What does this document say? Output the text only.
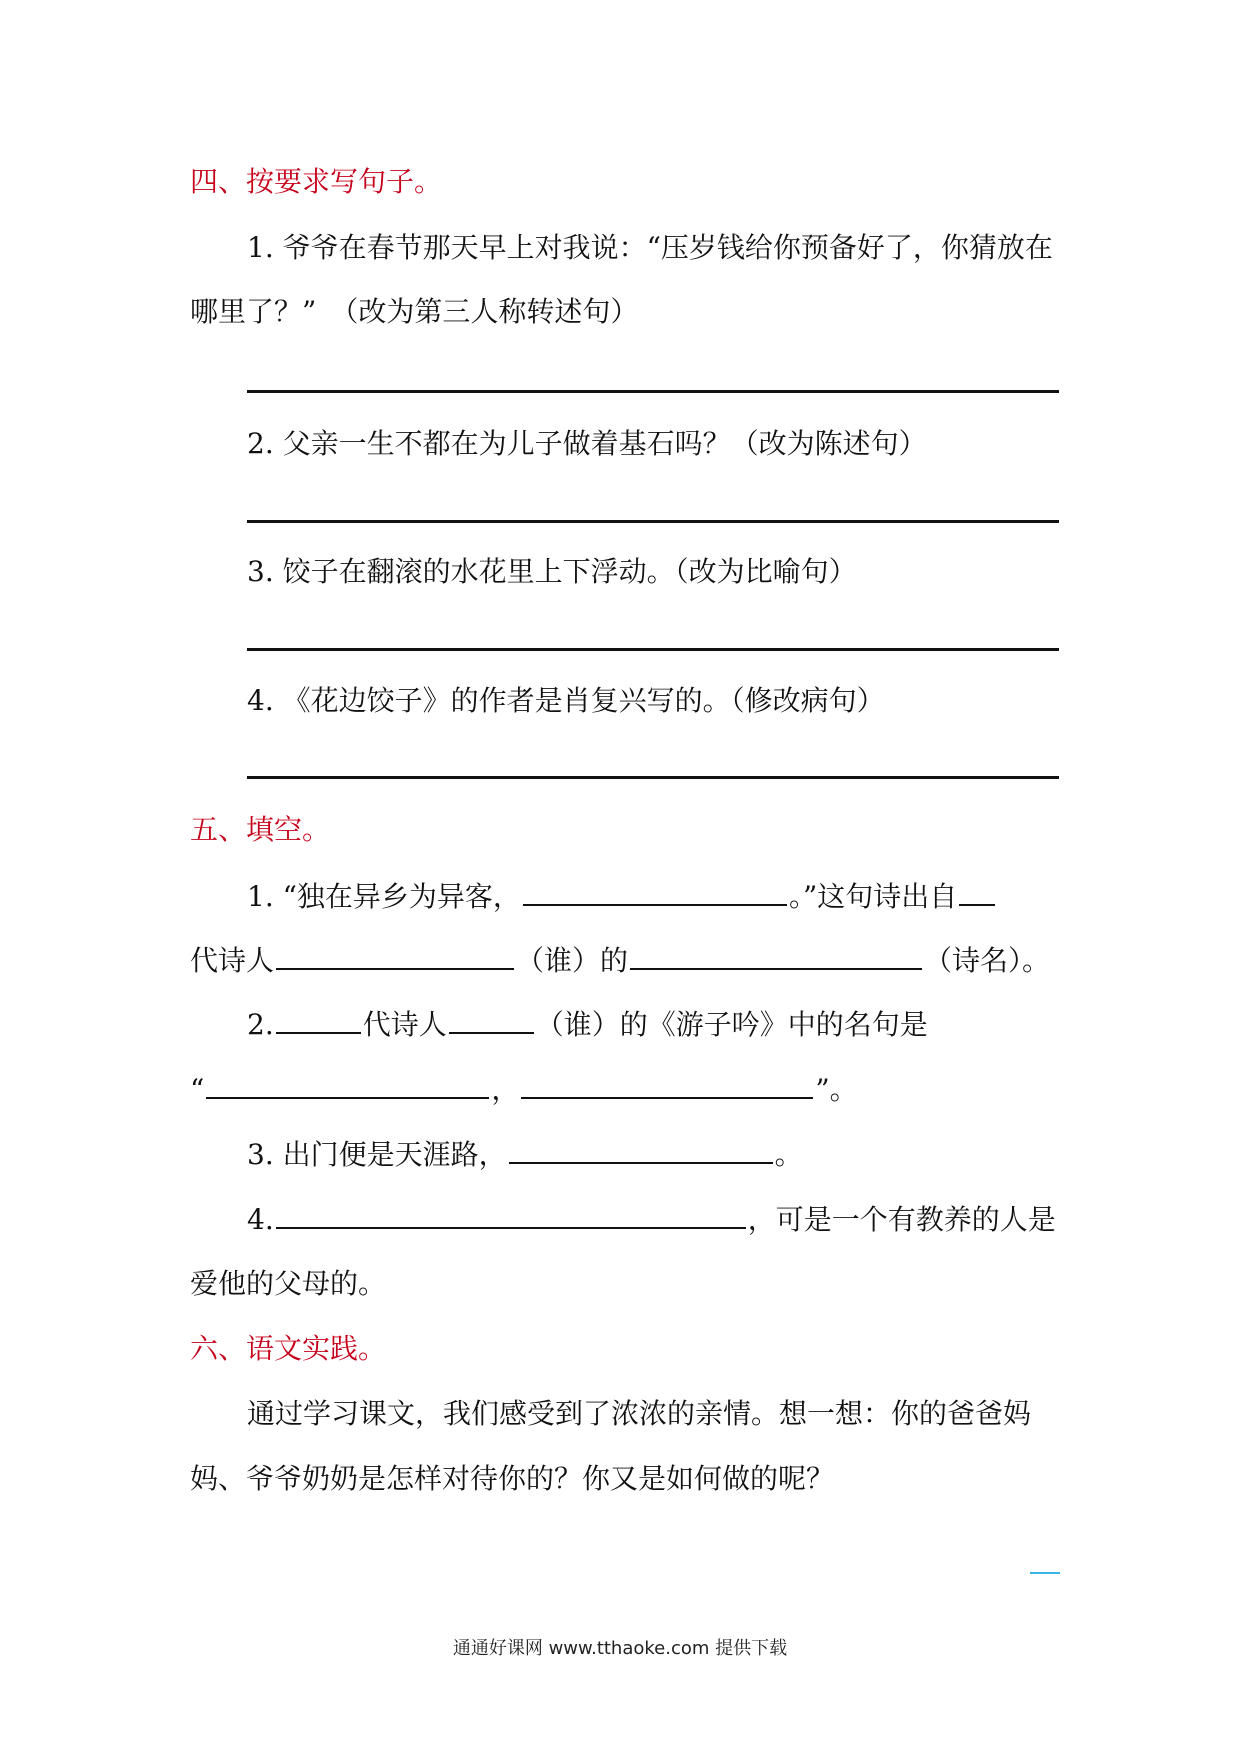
四、按要求写句子。
1. 爷爷在春节那天早上对我说：“压岁钱给你预备好了，你猜放在
哪里了？”　（改为第三人称转述句）
2. 父亲一生不都在为儿子做着基石吗？（改为陈述句）
3. 饺子在翻滚的水花里上下浮动。（改为比喻句）
4. 《花边饺子》的作者是肖复兴写的。（修改病句）
五、填空。
1. “独在异乡为异客，	。”这句诗出自
代诗人	（谁）的	（诗名）。
2.	代诗人	（谁）的《游子吟》中的名句是
“	，	”。
3. 出门便是天涯路，	。
4.	，可是一个有教养的人是
爱他的父母的。
六、语文实践。
通过学习课文，我们感受到了浓浓的亲情。想一想：你的爸爸妈
妈、爷爷奶奶是怎样对待你的？你又是如何做的呢？
通通好课网 www.tthaoke.com 提供下载
